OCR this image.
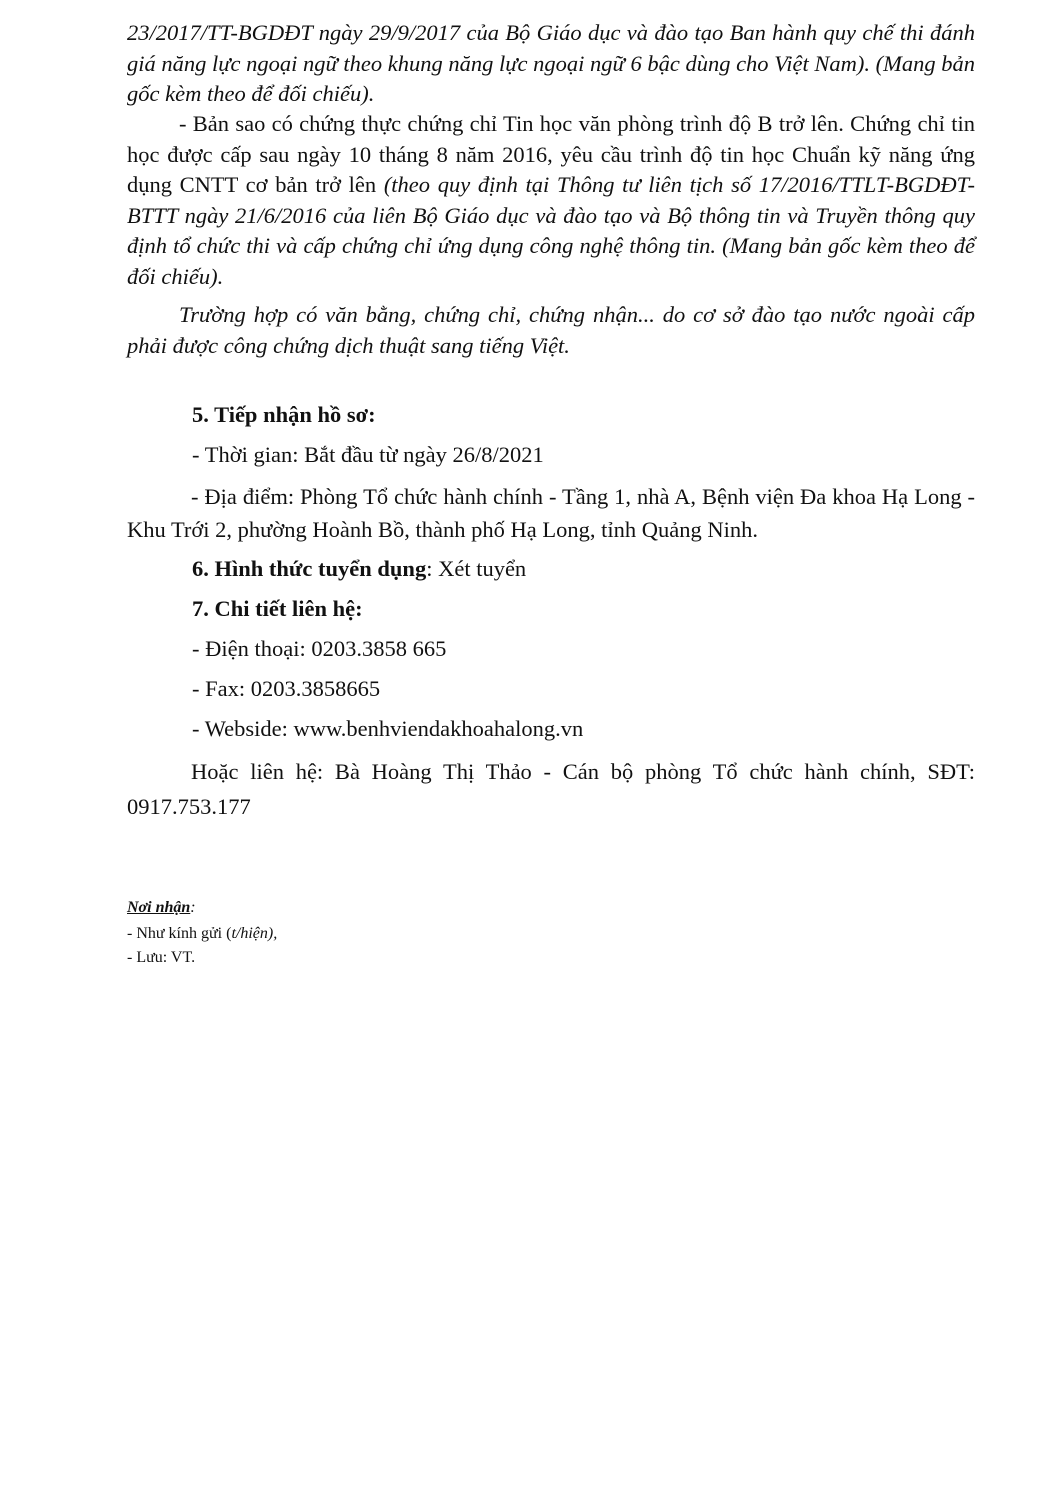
23/2017/TT-BGDĐT ngày 29/9/2017 của Bộ Giáo dục và đào tạo Ban hành quy chế thi đánh giá năng lực ngoại ngữ theo khung năng lực ngoại ngữ 6 bậc dùng cho Việt Nam). (Mang bản gốc kèm theo để đối chiếu).

- Bản sao có chứng thực chứng chỉ Tin học văn phòng trình độ B trở lên. Chứng chỉ tin học được cấp sau ngày 10 tháng 8 năm 2016, yêu cầu trình độ tin học Chuẩn kỹ năng ứng dụng CNTT cơ bản trở lên (theo quy định tại Thông tư liên tịch số 17/2016/TTLT-BGDĐT-BTTT ngày 21/6/2016 của liên Bộ Giáo dục và đào tạo và Bộ thông tin và Truyền thông quy định tổ chức thi và cấp chứng chỉ ứng dụng công nghệ thông tin. (Mang bản gốc kèm theo để đối chiếu).

Trường hợp có văn bằng, chứng chỉ, chứng nhận... do cơ sở đào tạo nước ngoài cấp phải được công chứng dịch thuật sang tiếng Việt.

5. Tiếp nhận hồ sơ:

- Thời gian: Bắt đầu từ ngày 26/8/2021

- Địa điểm: Phòng Tổ chức hành chính - Tầng 1, nhà A, Bệnh viện Đa khoa Hạ Long - Khu Trới 2, phường Hoành Bồ, thành phố Hạ Long, tỉnh Quảng Ninh.

6. Hình thức tuyển dụng: Xét tuyển

7. Chi tiết liên hệ:

- Điện thoại: 0203.3858 665

- Fax: 0203.3858665

- Webside: www.benhviendakhoahalong.vn

Hoặc liên hệ: Bà Hoàng Thị Thảo - Cán bộ phòng Tổ chức hành chính, SĐT: 0917.753.177

Nơi nhận:

- Như kính gửi (t/hiện),

- Lưu: VT.
